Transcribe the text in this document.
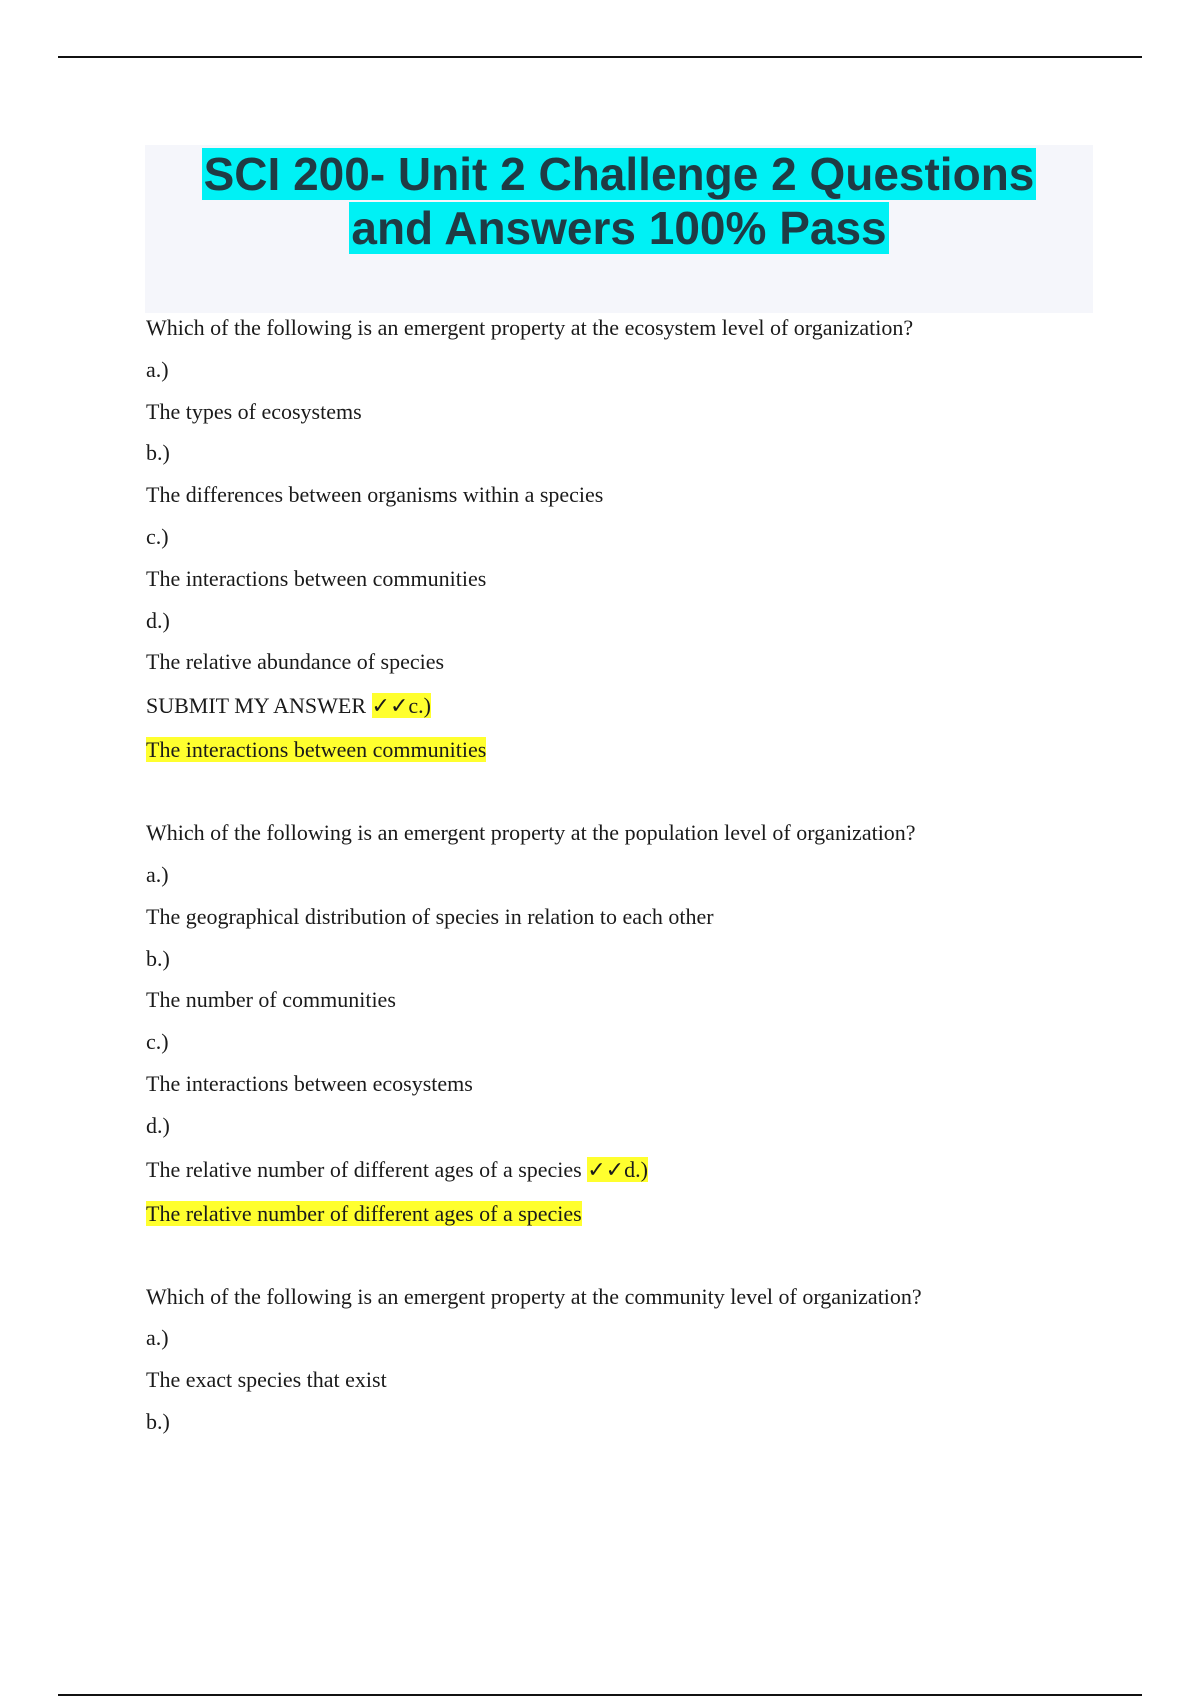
SCI 200- Unit 2 Challenge 2 Questions
and Answers 100% Pass

Which of the following is an emergent property at the ecosystem level of organization?

a.)

The types of ecosystems

b.)

The differences between organisms within a species

c.)

The interactions between communities

d.)

The relative abundance of species

SUBMIT MY ANSWER ✓✓c.)

The interactions between communities

Which of the following is an emergent property at the population level of organization?

a.)

The geographical distribution of species in relation to each other

b.)

The number of communities

c.)

The interactions between ecosystems

d.)

The relative number of different ages of a species ✓✓d.)

The relative number of different ages of a species

Which of the following is an emergent property at the community level of organization?

a.)

The exact species that exist

b.)
